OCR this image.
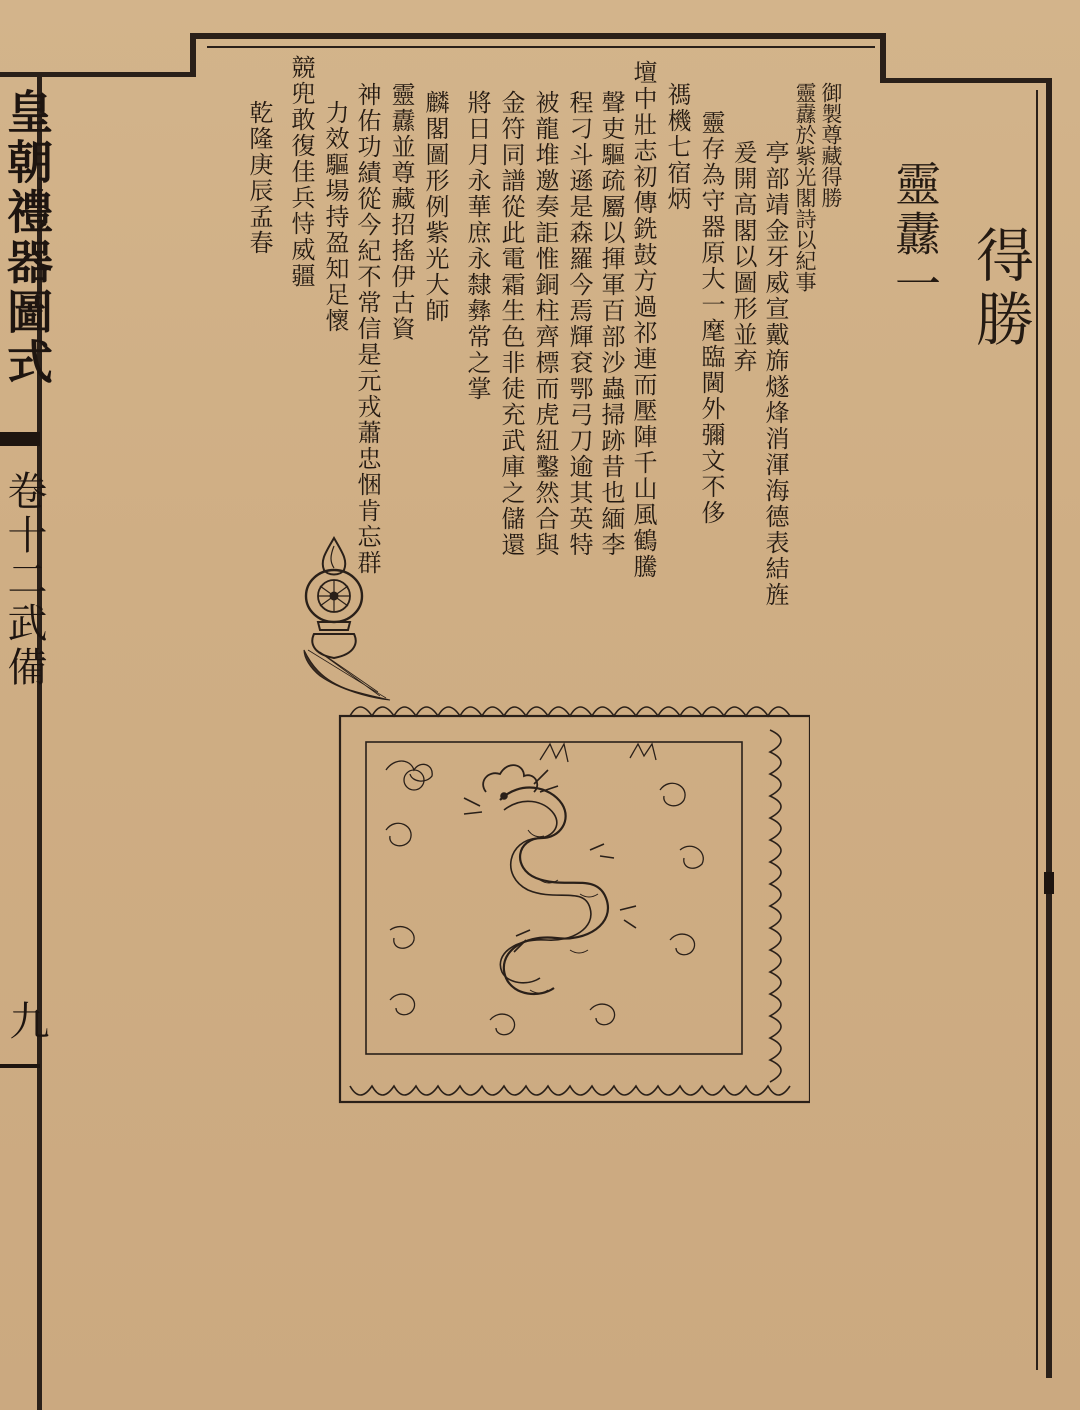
皇朝禮器圖式
卷十二武備
九
得勝
靈纛一
御製尊藏得勝
靈纛於紫光閣詩以紀事
亭部靖金牙威宣戴旆燧烽消渾海德表結旌
爰開高閣以圖形並弃
靈存為守器原大一麾臨閫外彌文不侈
禡機七宿炳
壇中壯志初傳銑鼓方過祁連而壓陣千山風鶴騰
聲吏驅疏屬以揮軍百部沙蟲掃跡昔也緬李
程刁斗遜是森羅今焉輝袞鄂弓刀逾其英特
被龍堆邀奏詎惟銅柱齊標而虎紐鑿然合與
金符同譜從此電霜生色非徒充武庫之儲還
將日月永華庶永隸彝常之掌
麟閣圖形例紫光大師
靈纛並尊藏招搖伊古資
神佑功績從今紀不常信是元戎蕭忠悃肯忘群
力效驅場持盈知足懷
競兜敢復佳兵恃威疆
乾隆庚辰孟春
